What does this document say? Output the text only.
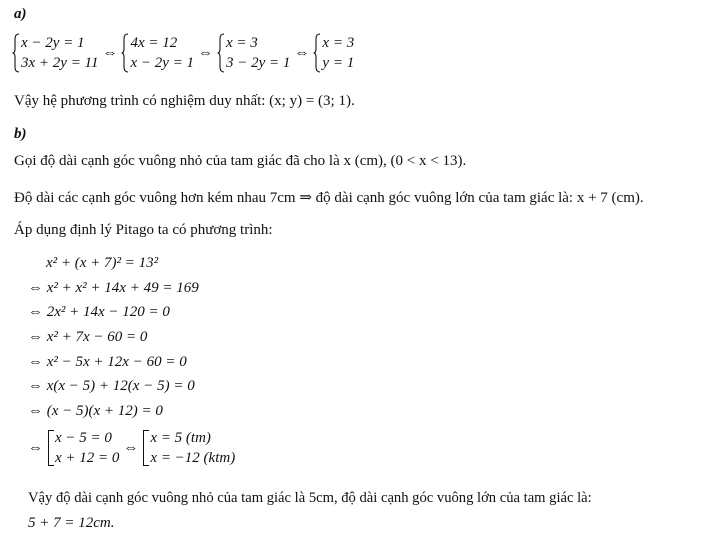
a)
x − 2y = 1
3x + 2y = 11
⇔
4x = 12
x − 2y = 1
⇔
x = 3
3 − 2y = 1
⇔
x = 3
y = 1
Vậy hệ phương trình có nghiệm duy nhất: (x; y) = (3; 1).
b)
Gọi độ dài cạnh góc vuông nhỏ của tam giác đã cho là x (cm), (0 < x < 13).
Độ dài các cạnh góc vuông hơn kém nhau 7cm ⇒ độ dài cạnh góc vuông lớn của tam giác là: x + 7 (cm).
Áp dụng định lý Pitago ta có phương trình:
x² + (x + 7)² = 13²
⇔ x² + x² + 14x + 49 = 169
⇔ 2x² + 14x − 120 = 0
⇔ x² + 7x − 60 = 0
⇔ x² − 5x + 12x − 60 = 0
⇔ x(x − 5) + 12(x − 5) = 0
⇔ (x − 5)(x + 12) = 0
⇔
x − 5 = 0
x + 12 = 0
⇔
x = 5 (tm)
x = −12 (ktm)
Vậy độ dài cạnh góc vuông nhỏ của tam giác là 5cm, độ dài cạnh góc vuông lớn của tam giác là:
5 + 7 = 12cm.
